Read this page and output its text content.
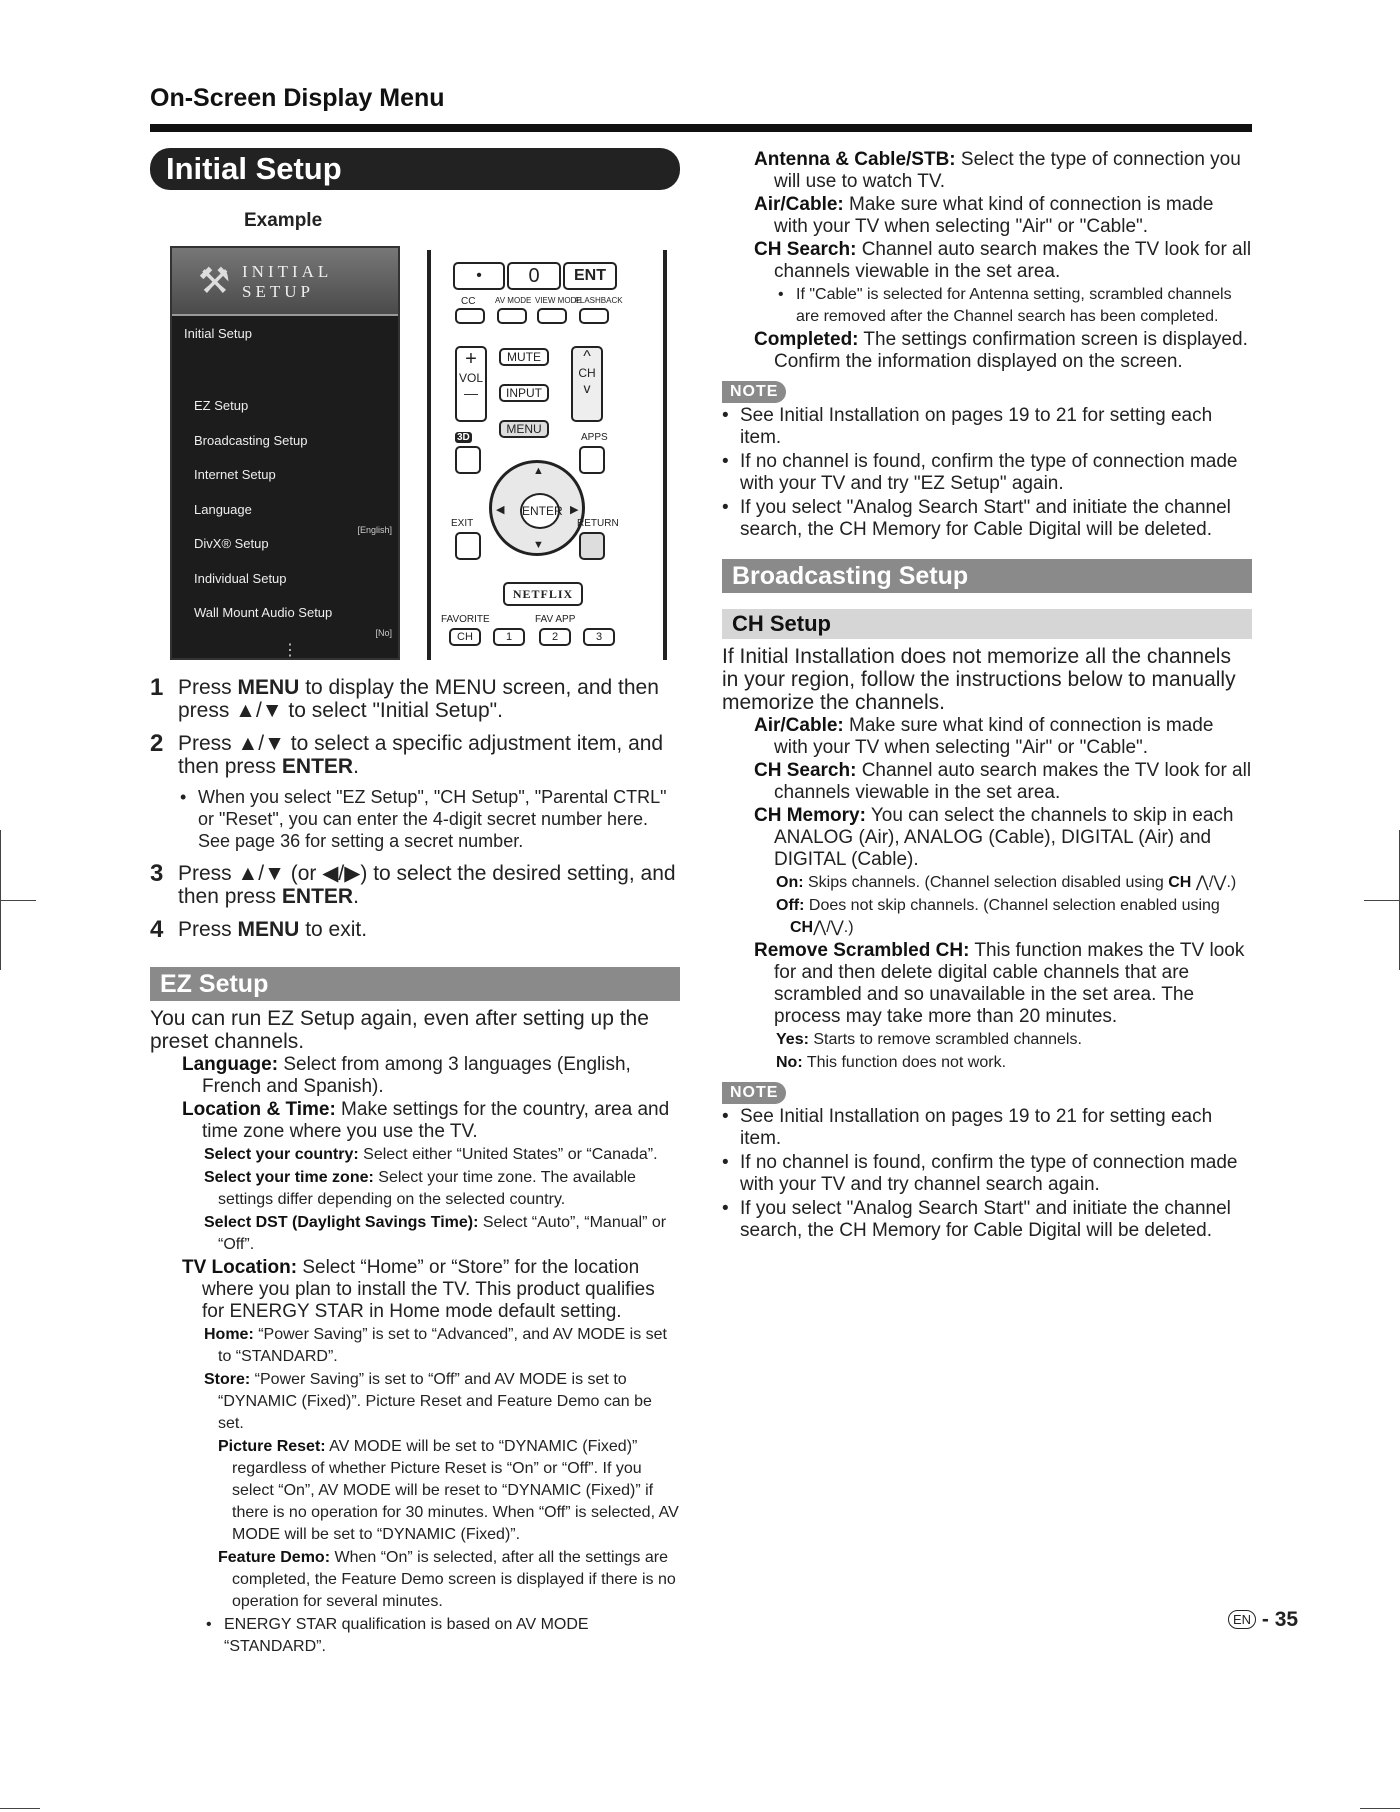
On-Screen Display Menu
Initial Setup
Example
⚒ INITIAL
SETUP
Initial Setup
EZ Setup
Broadcasting Setup
Internet Setup
Language
[English]
DivX® Setup
Individual Setup
Wall Mount Audio Setup
[No]
⋮
•	0	ENT
CC AV MODE VIEW MODE
FLASHBACK
+
VOL
—
MUTE
INPUT
MENU
^
CH
v
3D	APPS
▲
▼
◀	▶
ENTER
EXIT	RETURN
NETFLIX
FAVORITE	FAV APP
CH	1	2	3
1 Press MENU to display the MENU screen, and then press ▲/▼ to select "Initial Setup".
2 Press ▲/▼ to select a specific adjustment item, and then press ENTER.
• When you select "EZ Setup", "CH Setup", "Parental CTRL" or "Reset", you can enter the 4-digit secret number here. See page 36 for setting a secret number.
3 Press ▲/▼ (or ◀/▶) to select the desired setting, and then press ENTER.
4 Press MENU to exit.
EZ Setup
You can run EZ Setup again, even after setting up the preset channels.
Language: Select from among 3 languages (English, French and Spanish).
Location & Time: Make settings for the country, area and time zone where you use the TV.
Select your country: Select either “United States” or “Canada”.
Select your time zone: Select your time zone. The available settings differ depending on the selected country.
Select DST (Daylight Savings Time): Select “Auto”, “Manual” or “Off”.
TV Location: Select “Home” or “Store” for the location where you plan to install the TV. This product qualifies for ENERGY STAR in Home mode default setting.
Home: “Power Saving” is set to “Advanced”, and AV MODE is set to “STANDARD”.
Store: “Power Saving” is set to “Off” and AV MODE is set to “DYNAMIC (Fixed)”. Picture Reset and Feature Demo can be set.
Picture Reset: AV MODE will be set to “DYNAMIC (Fixed)” regardless of whether Picture Reset is “On” or “Off”. If you select “On”, AV MODE will be reset to “DYNAMIC (Fixed)” if there is no operation for 30 minutes. When “Off” is selected, AV MODE will be set to “DYNAMIC (Fixed)”.
Feature Demo: When “On” is selected, after all the settings are completed, the Feature Demo screen is displayed if there is no operation for several minutes.
• ENERGY STAR qualification is based on AV MODE “STANDARD”.
Antenna & Cable/STB: Select the type of connection you will use to watch TV.
Air/Cable: Make sure what kind of connection is made with your TV when selecting "Air" or "Cable".
CH Search: Channel auto search makes the TV look for all channels viewable in the set area.
• If "Cable" is selected for Antenna setting, scrambled channels are removed after the Channel search has been completed.
Completed: The settings confirmation screen is displayed. Confirm the information displayed on the screen.
NOTE
• See Initial Installation on pages 19 to 21 for setting each item.
• If no channel is found, confirm the type of connection made with your TV and try "EZ Setup" again.
• If you select "Analog Search Start" and initiate the channel search, the CH Memory for Cable Digital will be deleted.
Broadcasting Setup
CH Setup
If Initial Installation does not memorize all the channels in your region, follow the instructions below to manually memorize the channels.
Air/Cable: Make sure what kind of connection is made with your TV when selecting "Air" or "Cable".
CH Search: Channel auto search makes the TV look for all channels viewable in the set area.
CH Memory: You can select the channels to skip in each ANALOG (Air), ANALOG (Cable), DIGITAL (Air) and DIGITAL (Cable).
On: Skips channels. (Channel selection disabled using CH ⋀/⋁.)
Off: Does not skip channels. (Channel selection enabled using CH⋀/⋁.)
Remove Scrambled CH: This function makes the TV look for and then delete digital cable channels that are scrambled and so unavailable in the set area. The process may take more than 20 minutes.
Yes: Starts to remove scrambled channels.
No: This function does not work.
NOTE
• See Initial Installation on pages 19 to 21 for setting each item.
• If no channel is found, confirm the type of connection made with your TV and try channel search again.
• If you select "Analog Search Start" and initiate the channel search, the CH Memory for Cable Digital will be deleted.
EN - 35
